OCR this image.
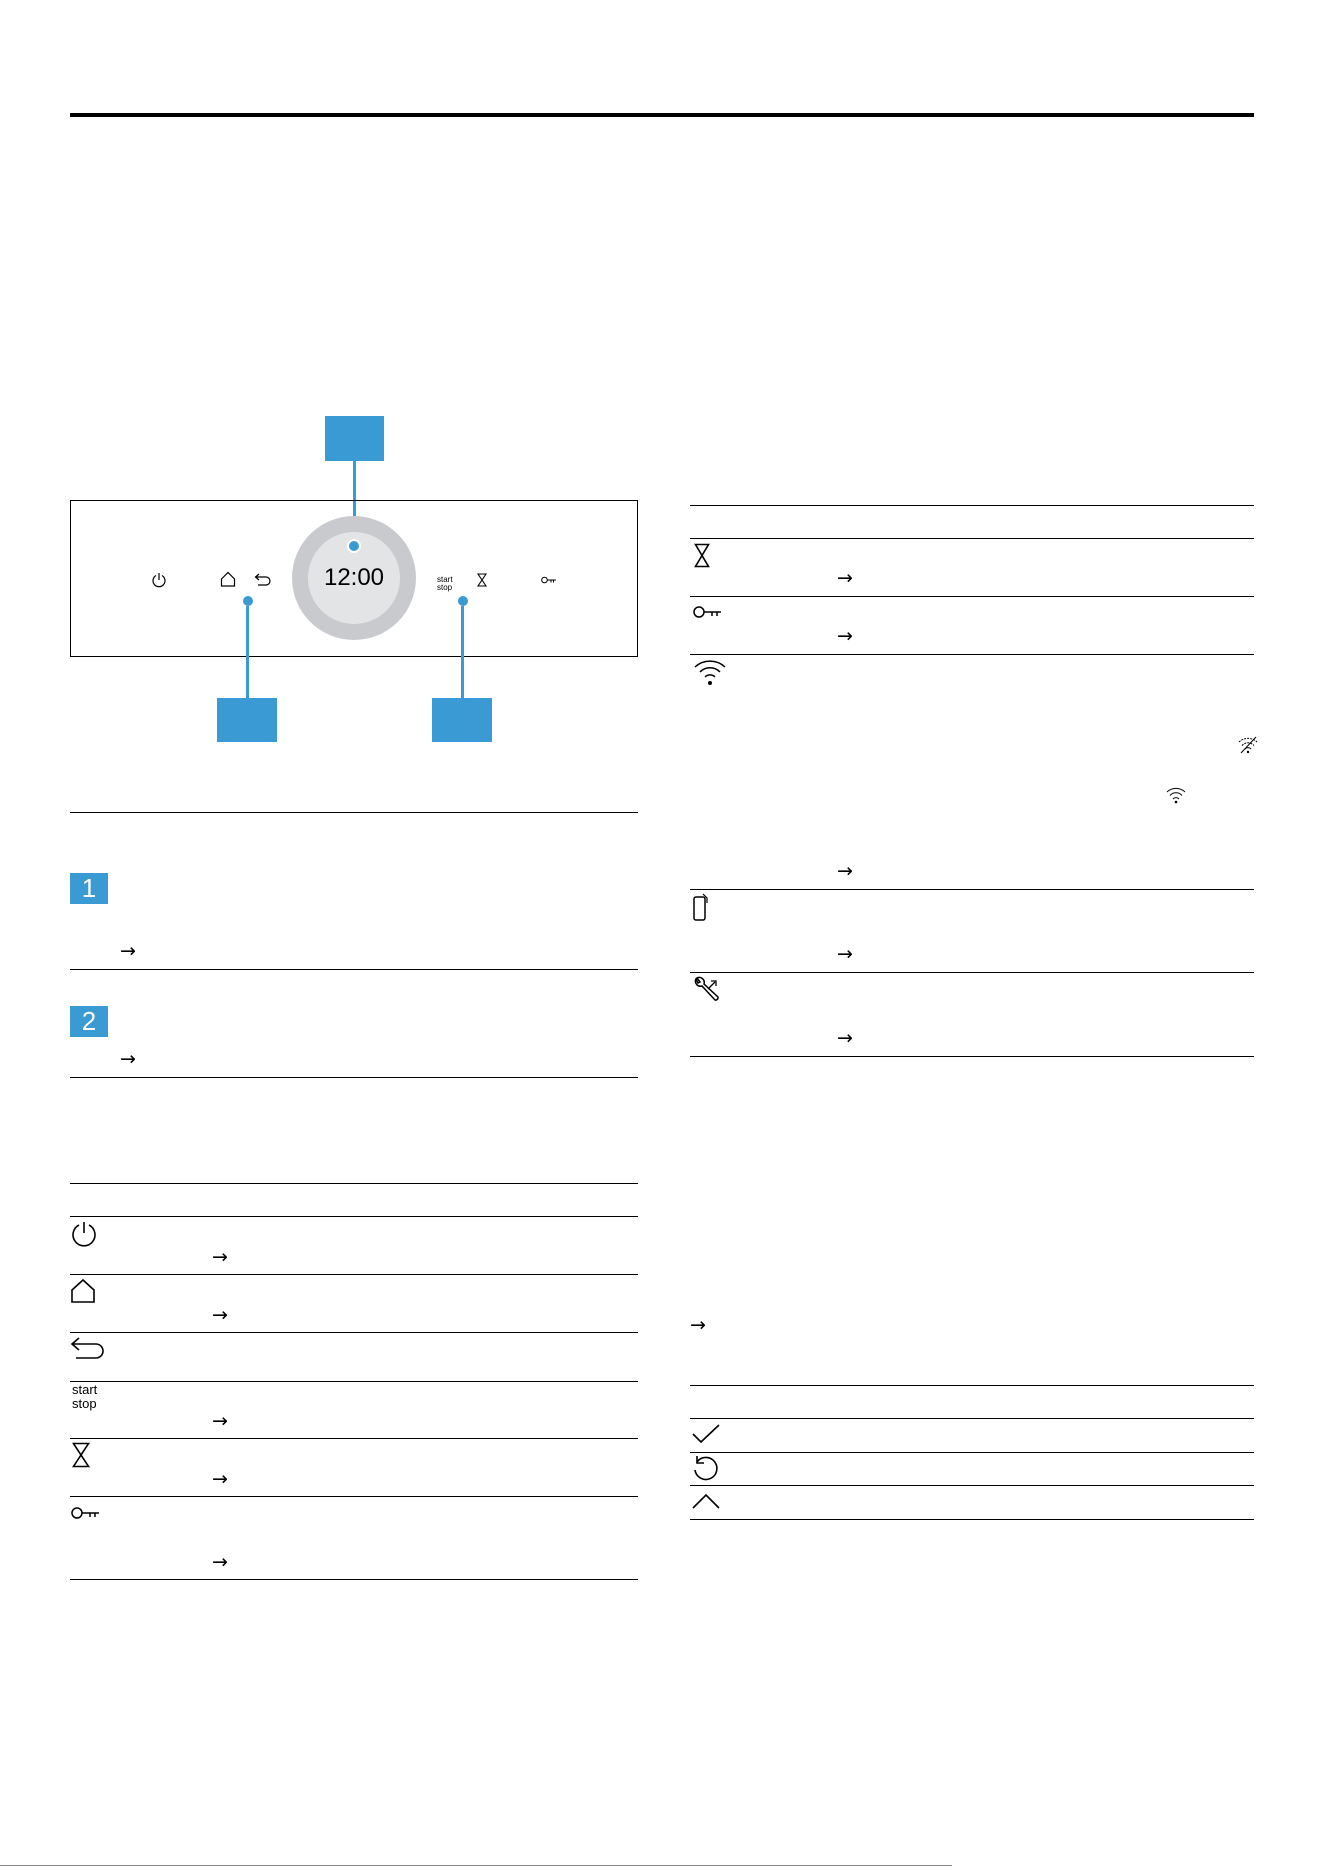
12:00	start
stop
1
→
2
→
→
→
start
stop
→
→
→
→
→
→
→
→
→
